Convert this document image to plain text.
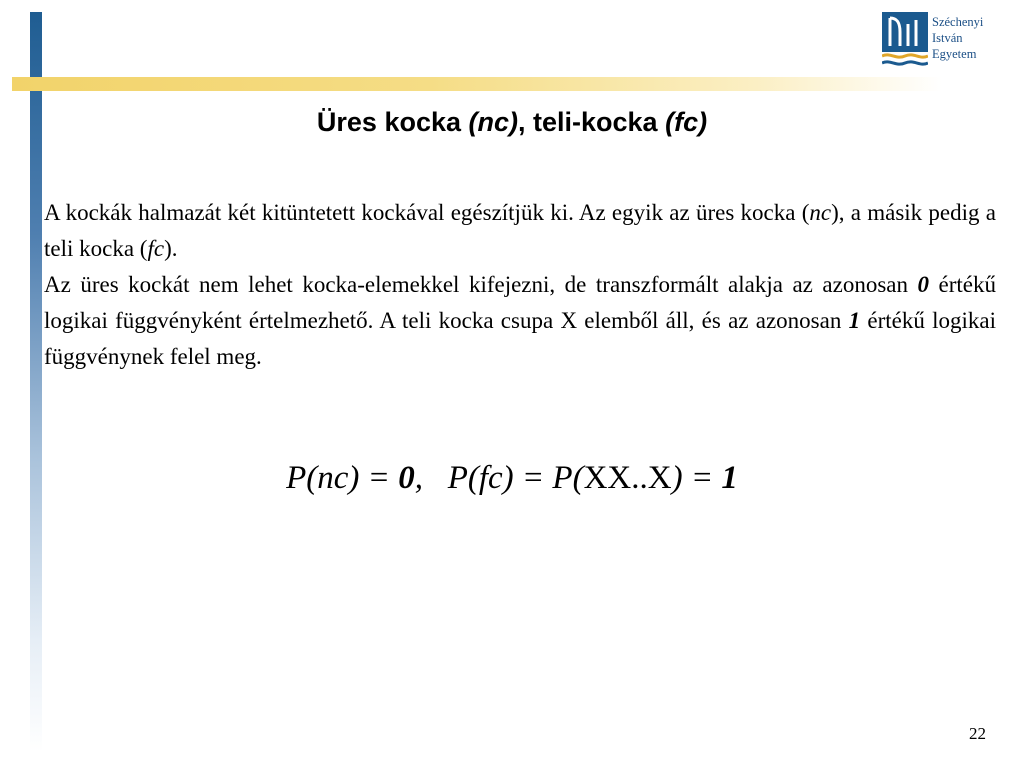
Széchenyi
István
Egyetem
Üres kocka (nc), teli-kocka (fc)

A kockák halmazát két kitüntetett kockával egészítjük ki. Az egyik az üres kocka (nc), a másik pedig a teli kocka (fc).

Az üres kockát nem lehet kocka-elemekkel kifejezni, de transzformált alakja az azonosan 0 értékű logikai függvényként értelmezhető. A teli kocka csupa X elemből áll, és az azonosan 1 értékű logikai függvénynek felel meg.

P(nc) = 0,   P(fc) = P(XX..X) = 1
22
